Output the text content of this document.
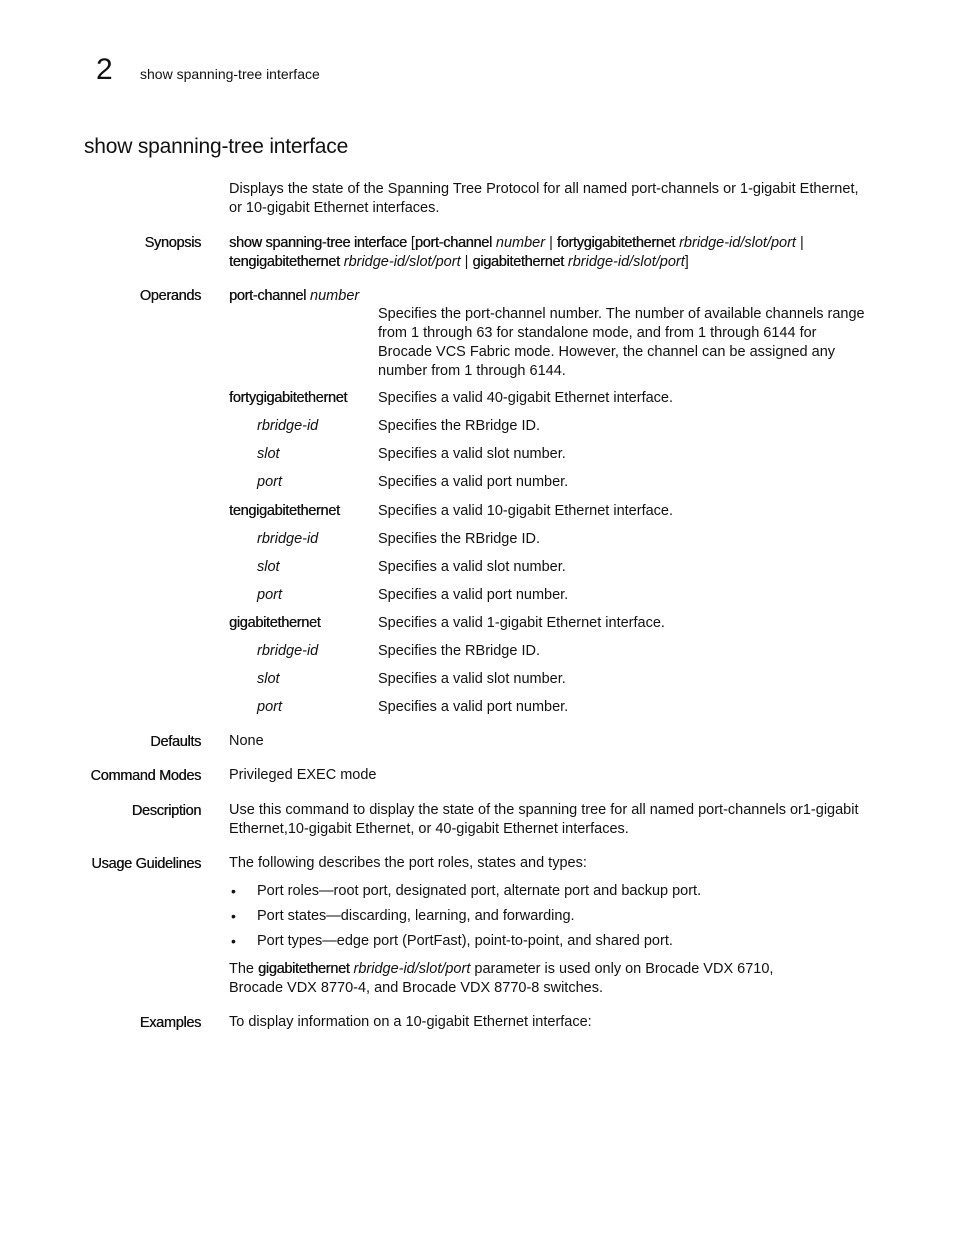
2 show spanning-tree interface
show spanning-tree interface
Displays the state of the Spanning Tree Protocol for all named port-channels or 1-gigabit Ethernet, or 10-gigabit Ethernet interfaces.
Synopsis show spanning-tree interface [port-channel number | fortygigabitethernet rbridge-id/slot/port |
tengigabitethernet rbridge-id/slot/port | gigabitethernet rbridge-id/slot/port]
Operands port-channel number
Specifies the port-channel number. The number of available channels range from 1 through 63 for standalone mode, and from 1 through 6144 for Brocade VCS Fabric mode. However, the channel can be assigned any number from 1 through 6144.
fortygigabitethernet Specifies a valid 40-gigabit Ethernet interface.
rbridge-id	Specifies the RBridge ID.
slot	Specifies a valid slot number.
port	Specifies a valid port number.
tengigabitethernet	Specifies a valid 10-gigabit Ethernet interface.
rbridge-id	Specifies the RBridge ID.
slot	Specifies a valid slot number.
port	Specifies a valid port number.
gigabitethernet	Specifies a valid 1-gigabit Ethernet interface.
rbridge-id	Specifies the RBridge ID.
slot	Specifies a valid slot number.
port	Specifies a valid port number.
Defaults None
Command Modes Privileged EXEC mode
Description Use this command to display the state of the spanning tree for all named port-channels or1-gigabit Ethernet,10-gigabit Ethernet, or 40-gigabit Ethernet interfaces.
Usage Guidelines The following describes the port roles, states and types:
• Port roles—root port, designated port, alternate port and backup port.
• Port states—discarding, learning, and forwarding.
• Port types—edge port (PortFast), point-to-point, and shared port.
The gigabitethernet rbridge-id/slot/port parameter is used only on Brocade VDX 6710,
Brocade VDX 8770-4, and Brocade VDX 8770-8 switches.
Examples To display information on a 10-gigabit Ethernet interface:
